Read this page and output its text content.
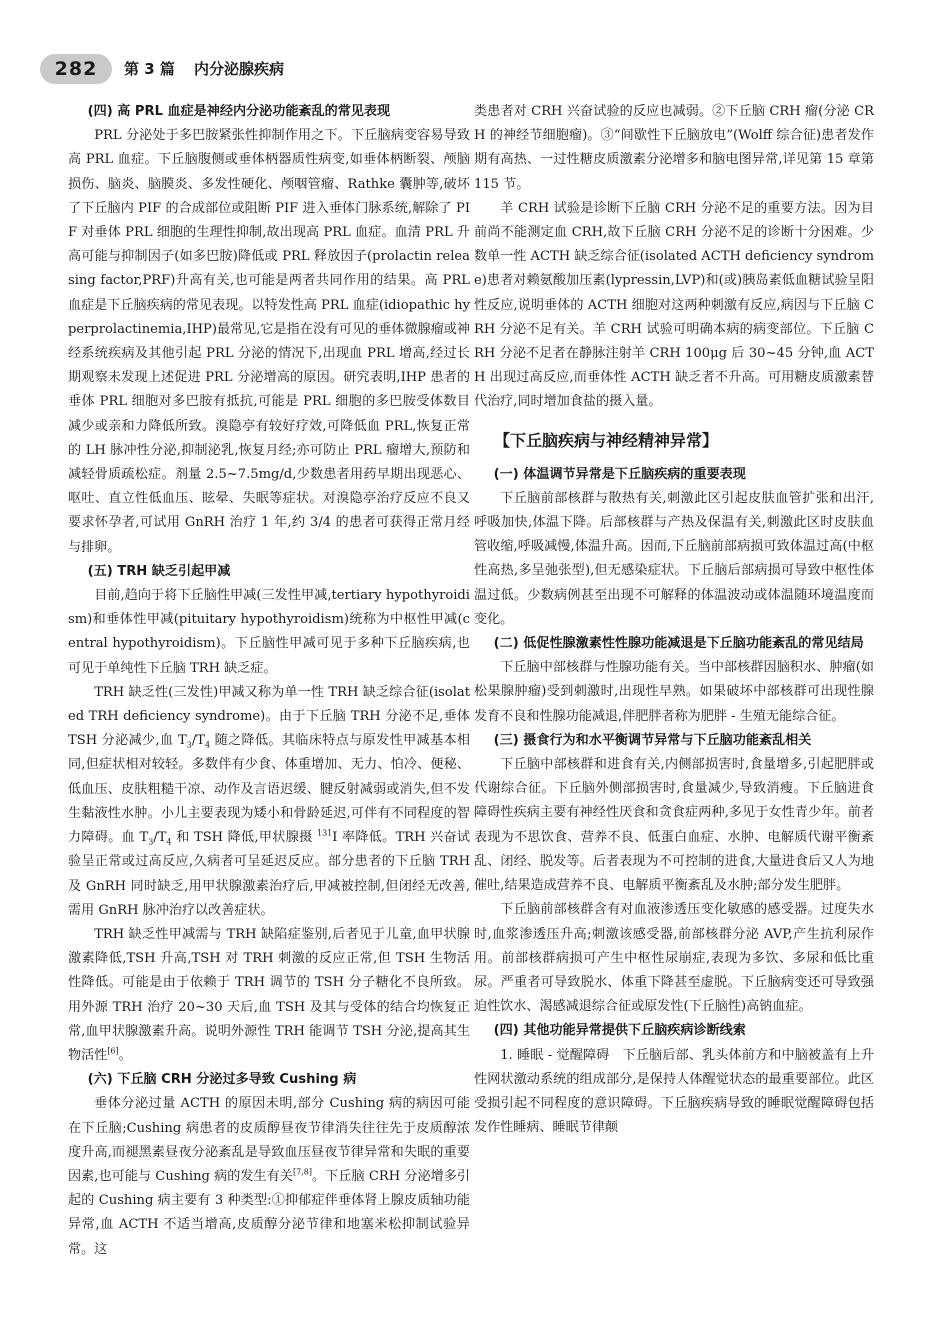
282 第 3 篇 内分泌腺疾病
(四) 高 PRL 血症是神经内分泌功能紊乱的常见表现

PRL 分泌处于多巴胺紧张性抑制作用之下。下丘脑病变容易导致高 PRL 血症。下丘脑腹侧或垂体柄器质性病变,如垂体柄断裂、颅脑损伤、脑炎、脑膜炎、多发性硬化、颅咽管瘤、Rathke 囊肿等,破坏了下丘脑内 PIF 的合成部位或阻断 PIF 进入垂体门脉系统,解除了 PIF 对垂体 PRL 细胞的生理性抑制,故出现高 PRL 血症。血清 PRL 升高可能与抑制因子(如多巴胺)降低或 PRL 释放因子(prolactin releasing factor,PRF)升高有关,也可能是两者共同作用的结果。高 PRL 血症是下丘脑疾病的常见表现。以特发性高 PRL 血症(idiopathic hyperprolactinemia,IHP)最常见,它是指在没有可见的垂体微腺瘤或神经系统疾病及其他引起 PRL 分泌的情况下,出现血 PRL 增高,经过长期观察未发现上述促进 PRL 分泌增高的原因。研究表明,IHP 患者的垂体 PRL 细胞对多巴胺有抵抗,可能是 PRL 细胞的多巴胺受体数目减少或亲和力降低所致。溴隐亭有较好疗效,可降低血 PRL,恢复正常的 LH 脉冲性分泌,抑制泌乳,恢复月经;亦可防止 PRL 瘤增大,预防和减轻骨质疏松症。剂量 2.5~7.5mg/d,少数患者用药早期出现恶心、呕吐、直立性低血压、眩晕、失眠等症状。对溴隐亭治疗反应不良又要求怀孕者,可试用 GnRH 治疗 1 年,约 3/4 的患者可获得正常月经与排卵。

(五) TRH 缺乏引起甲减

目前,趋向于将下丘脑性甲减(三发性甲减,tertiary hypothyroidism)和垂体性甲减(pituitary hypothyroidism)统称为中枢性甲减(central hypothyroidism)。下丘脑性甲减可见于多种下丘脑疾病,也可见于单纯性下丘脑 TRH 缺乏症。

TRH 缺乏性(三发性)甲减又称为单一性 TRH 缺乏综合征(isolated TRH deficiency syndrome)。由于下丘脑 TRH 分泌不足,垂体 TSH 分泌减少,血 $T_3/T_4$ 随之降低。其临床特点与原发性甲减基本相同,但症状相对较轻。多数伴有少食、体重增加、无力、怕冷、便秘、低血压、皮肤粗糙干凉、动作及言语迟缓、腱反射减弱或消失,但不发生黏液性水肿。小儿主要表现为矮小和骨龄延迟,可伴有不同程度的智力障碍。血 $T_3/T_4$ 和 TSH 降低,甲状腺摄 $^{131}$I 率降低。TRH 兴奋试验呈正常或过高反应,久病者可呈延迟反应。部分患者的下丘脑 TRH 及 GnRH 同时缺乏,用甲状腺激素治疗后,甲减被控制,但闭经无改善,需用 GnRH 脉冲治疗以改善症状。

TRH 缺乏性甲减需与 TRH 缺陷症鉴别,后者见于儿童,血甲状腺激素降低,TSH 升高,TSH 对 TRH 刺激的反应正常,但 TSH 生物活性降低。可能是由于依赖于 TRH 调节的 TSH 分子糖化不良所致。用外源 TRH 治疗 20~30 天后,血 TSH 及其与受体的结合均恢复正常,血甲状腺激素升高。说明外源性 TRH 能调节 TSH 分泌,提高其生物活性[6]。

(六) 下丘脑 CRH 分泌过多导致 Cushing 病

垂体分泌过量 ACTH 的原因未明,部分 Cushing 病的病因可能在下丘脑;Cushing 病患者的皮质醇昼夜节律消失往往先于皮质醇浓度升高,而褪黑素昼夜分泌紊乱是导致血压昼夜节律异常和失眠的重要因素,也可能与 Cushing 病的发生有关[7,8]。下丘脑 CRH 分泌增多引起的 Cushing 病主要有 3 种类型:①抑郁症伴垂体肾上腺皮质轴功能异常,血 ACTH 不适当增高,皮质醇分泌节律和地塞米松抑制试验异常。这

类患者对 CRH 兴奋试验的反应也减弱。②下丘脑 CRH 瘤(分泌 CRH 的神经节细胞瘤)。③“间歇性下丘脑放电”(Wolff 综合征)患者发作期有高热、一过性糖皮质激素分泌增多和脑电图异常,详见第 15 章第 115 节。

羊 CRH 试验是诊断下丘脑 CRH 分泌不足的重要方法。因为目前尚不能测定血 CRH,故下丘脑 CRH 分泌不足的诊断十分困难。少数单一性 ACTH 缺乏综合征(isolated ACTH deficiency syndrome)患者对赖氨酸加压素(lypressin,LVP)和(或)胰岛素低血糖试验呈阳性反应,说明垂体的 ACTH 细胞对这两种刺激有反应,病因与下丘脑 CRH 分泌不足有关。羊 CRH 试验可明确本病的病变部位。下丘脑 CRH 分泌不足者在静脉注射羊 CRH 100μg 后 30~45 分钟,血 ACTH 出现过高反应,而垂体性 ACTH 缺乏者不升高。可用糖皮质激素替代治疗,同时增加食盐的摄入量。

【下丘脑疾病与神经精神异常】
(一) 体温调节异常是下丘脑疾病的重要表现

下丘脑前部核群与散热有关,刺激此区引起皮肤血管扩张和出汗,呼吸加快,体温下降。后部核群与产热及保温有关,刺激此区时皮肤血管收缩,呼吸减慢,体温升高。因而,下丘脑前部病损可致体温过高(中枢性高热,多呈弛张型),但无感染症状。下丘脑后部病损可导致中枢性体温过低。少数病例甚至出现不可解释的体温波动或体温随环境温度而变化。

(二) 低促性腺激素性性腺功能减退是下丘脑功能紊乱的常见结局

下丘脑中部核群与性腺功能有关。当中部核群因脑积水、肿瘤(如松果腺肿瘤)受到刺激时,出现性早熟。如果破坏中部核群可出现性腺发育不良和性腺功能减退,伴肥胖者称为肥胖 - 生殖无能综合征。

(三) 摄食行为和水平衡调节异常与下丘脑功能紊乱相关

下丘脑中部核群和进食有关,内侧部损害时,食量增多,引起肥胖或代谢综合征。下丘脑外侧部损害时,食量减少,导致消瘦。下丘脑进食障碍性疾病主要有神经性厌食和贪食症两种,多见于女性青少年。前者表现为不思饮食、营养不良、低蛋白血症、水肿、电解质代谢平衡紊乱、闭经、脱发等。后者表现为不可控制的进食,大量进食后又人为地催吐,结果造成营养不良、电解质平衡紊乱及水肿;部分发生肥胖。

下丘脑前部核群含有对血液渗透压变化敏感的感受器。过度失水时,血浆渗透压升高;刺激该感受器,前部核群分泌 AVP,产生抗利尿作用。前部核群病损可产生中枢性尿崩症,表现为多饮、多尿和低比重尿。严重者可导致脱水、体重下降甚至虚脱。下丘脑病变还可导致强迫性饮水、渴感减退综合征或原发性(下丘脑性)高钠血症。

(四) 其他功能异常提供下丘脑疾病诊断线索

1. 睡眠 - 觉醒障碍　下丘脑后部、乳头体前方和中脑被盖有上升性网状激动系统的组成部分,是保持人体醒觉状态的最重要部位。此区受损引起不同程度的意识障碍。下丘脑疾病导致的睡眠觉醒障碍包括发作性睡病、睡眠节律颠
